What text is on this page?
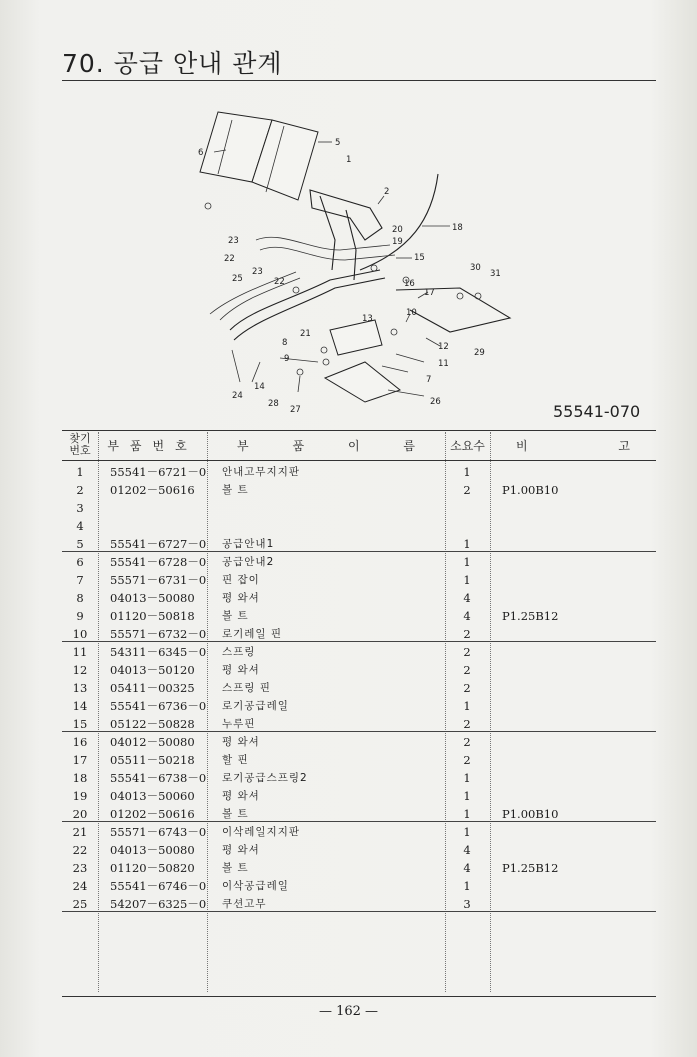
70. 공급 안내 관계
6
5
1
2
20
19
18
15
30
31
23
22
23
25	22	16
17
10
13
21
8
9
12
29
11
7
14
24
28
27
26	55541-070
찾기
번호	부품번호	부	품	이	름	소요수	비	고
1	55541－6721－0 안내고무지지판	1
2	01202－50616	볼 트	2	P1.00B10
3
4
5	55541－6727－0 공급안내1	1
6	55541－6728－0 공급안내2	1
7	55571－6731－0 핀 잡이	1
8	04013－50080	평 와셔	4
9	01120－50818	볼 트	4	P1.25B12
10	55571－6732－0 로기레일 핀	2
11	54311－6345－0 스프링	2
12	04013－50120	평 와셔	2
13	05411－00325	스프링 핀	2
14	55541－6736－0 로기공급레일	1
15	05122－50828	누루핀	2
16	04012－50080	평 와셔	2
17	05511－50218	할 핀	2
18	55541－6738－0 로기공급스프링2	1
19	04013－50060	평 와셔	1
20	01202－50616	볼 트	1	P1.00B10
21	55571－6743－0 이삭레일지지판	1
22	04013－50080	평 와셔	4
23	01120－50820	볼 트	4	P1.25B12
24	55541－6746－0 이삭공급레일	1
25	54207－6325－0 쿠션고무	3
— 162 —
